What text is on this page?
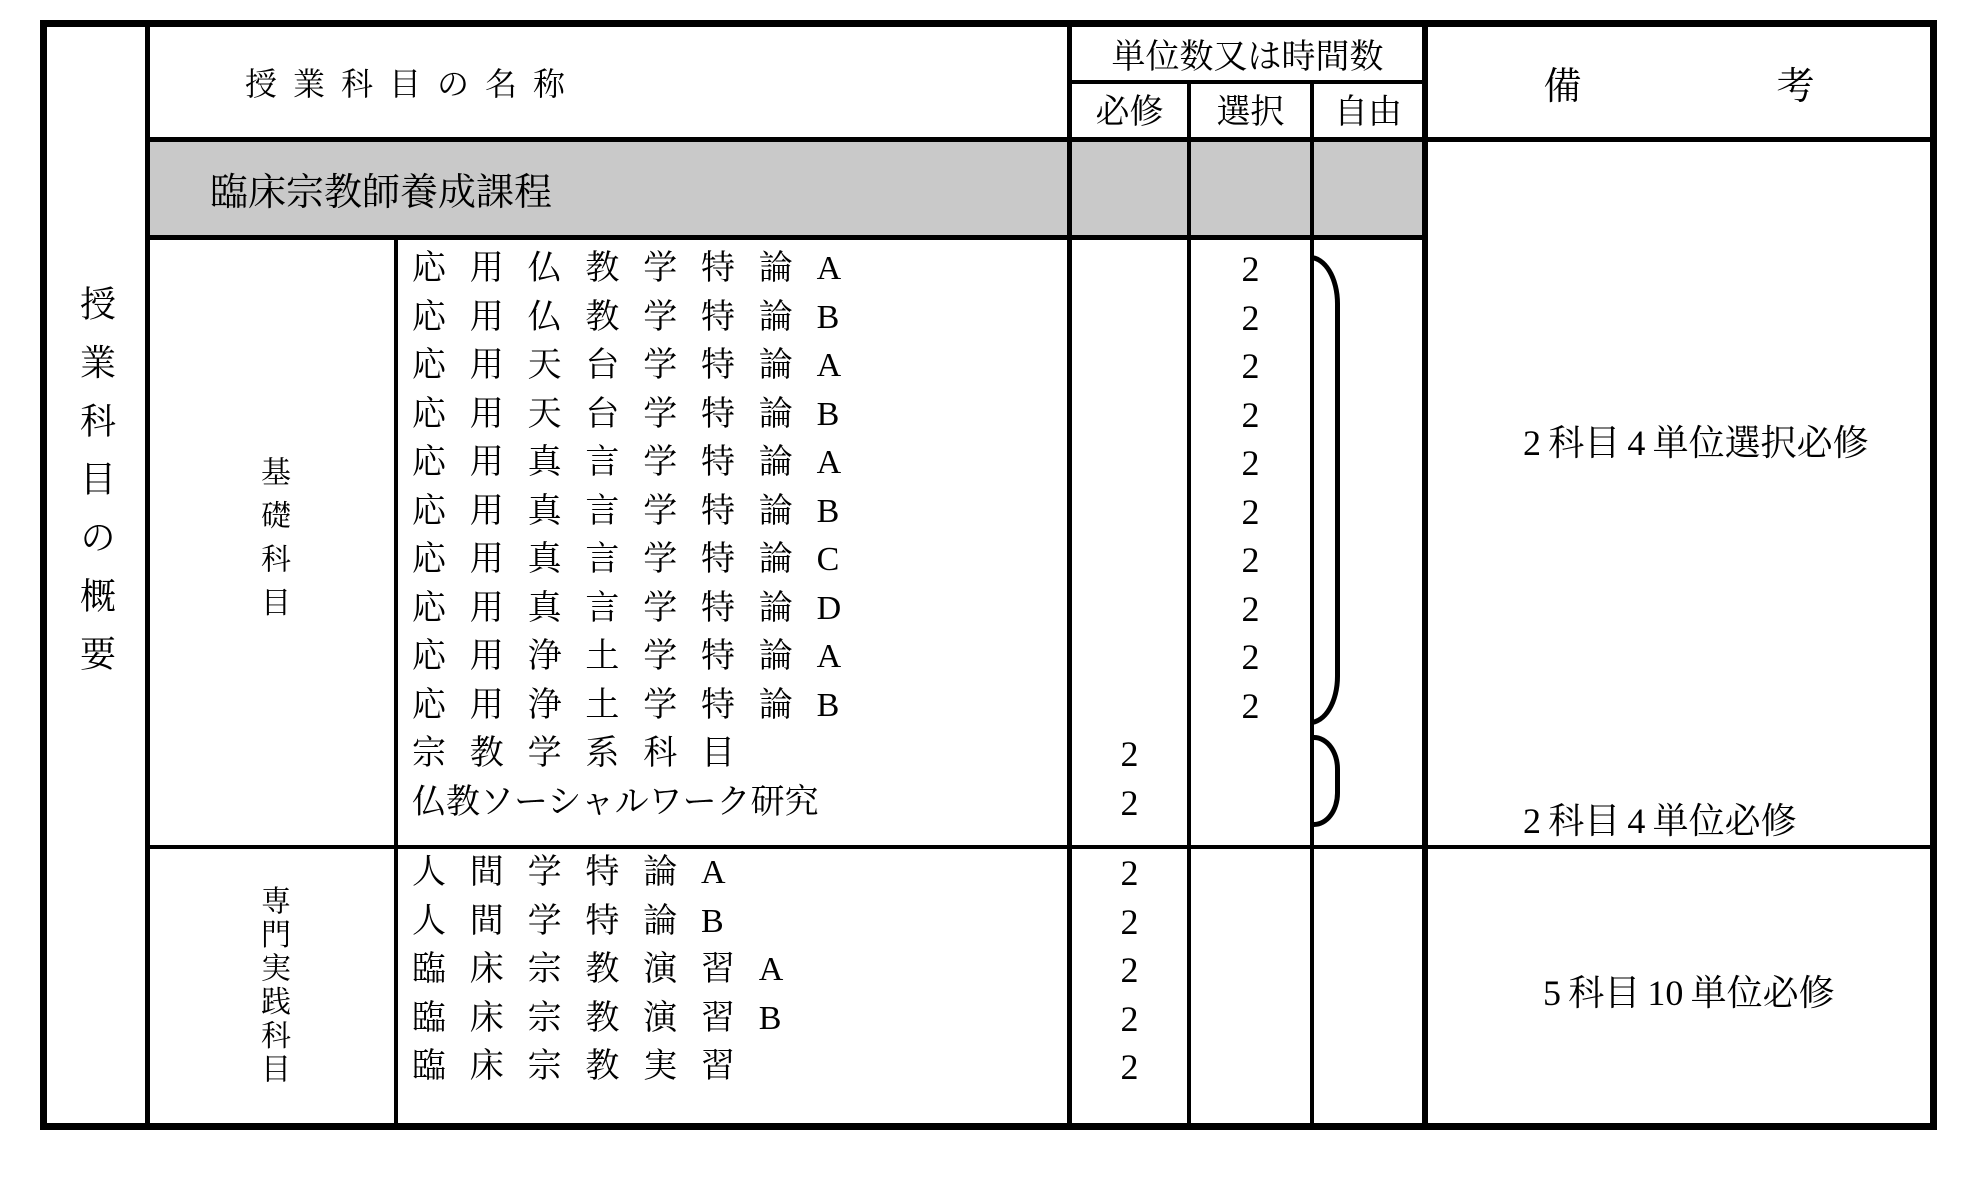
授業科目の概要
授業科目の名称
単位数又は時間数
必修	選択	自由
備考
臨床宗教師養成課程
基礎科目
専門実践科目
応用仏教学特論A
応用仏教学特論B
応用天台学特論A
応用天台学特論B
応用真言学特論A
応用真言学特論B
応用真言学特論C
応用真言学特論D
応用浄土学特論A
応用浄土学特論B
宗教学系科目
仏教ソーシャルワーク研究
2
2
2
2
2
2
2
2
2
2
2
2
人間学特論A
人間学特論B
臨床宗教演習A
臨床宗教演習B
臨床宗教実習
2
2
2
2
2
2 科目 4 単位選択必修
2 科目 4 単位必修
5 科目 10 単位必修
